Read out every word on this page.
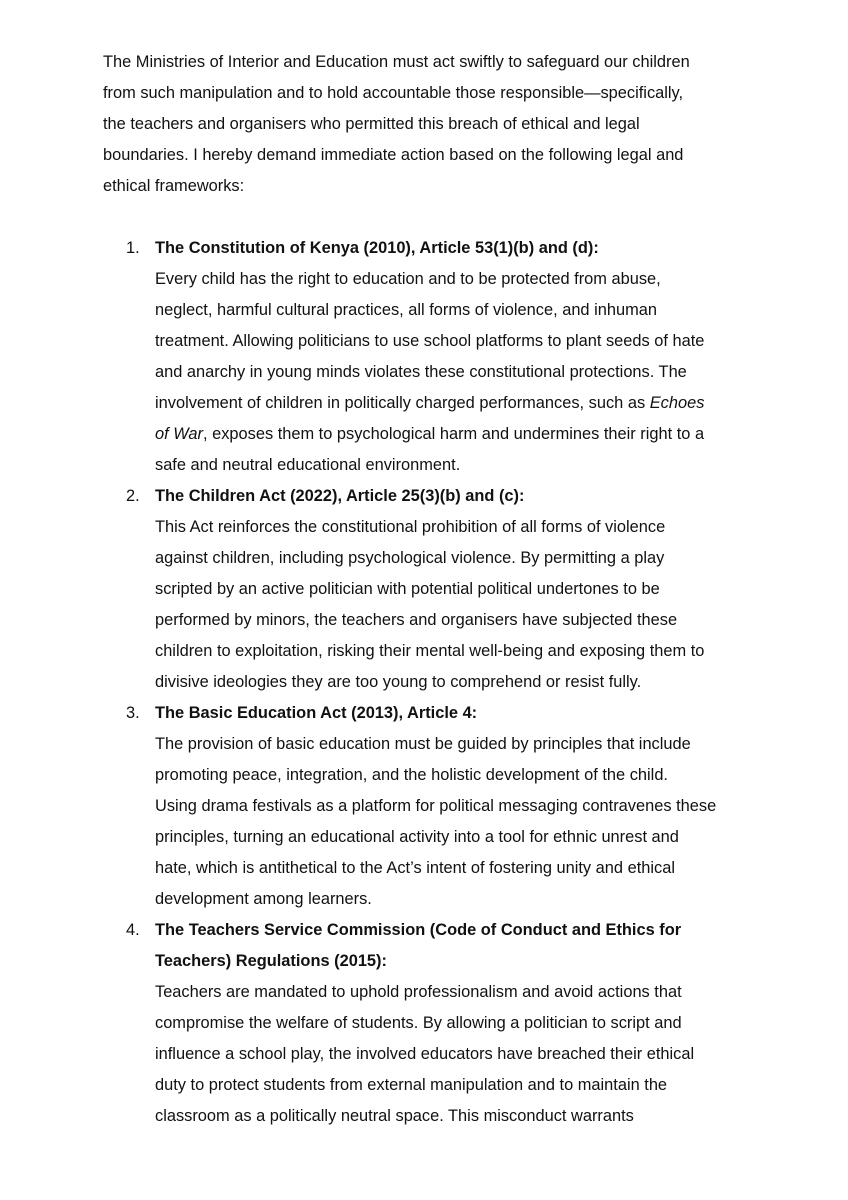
The Ministries of Interior and Education must act swiftly to safeguard our children
from such manipulation and to hold accountable those responsible—specifically,
the teachers and organisers who permitted this breach of ethical and legal
boundaries. I hereby demand immediate action based on the following legal and
ethical frameworks:

1. The Constitution of Kenya (2010), Article 53(1)(b) and (d):
Every child has the right to education and to be protected from abuse,
neglect, harmful cultural practices, all forms of violence, and inhuman
treatment. Allowing politicians to use school platforms to plant seeds of hate
and anarchy in young minds violates these constitutional protections. The
involvement of children in politically charged performances, such as Echoes
of War, exposes them to psychological harm and undermines their right to a
safe and neutral educational environment.
2. The Children Act (2022), Article 25(3)(b) and (c):
This Act reinforces the constitutional prohibition of all forms of violence
against children, including psychological violence. By permitting a play
scripted by an active politician with potential political undertones to be
performed by minors, the teachers and organisers have subjected these
children to exploitation, risking their mental well-being and exposing them to
divisive ideologies they are too young to comprehend or resist fully.
3. The Basic Education Act (2013), Article 4:
The provision of basic education must be guided by principles that include
promoting peace, integration, and the holistic development of the child.
Using drama festivals as a platform for political messaging contravenes these
principles, turning an educational activity into a tool for ethnic unrest and
hate, which is antithetical to the Act’s intent of fostering unity and ethical
development among learners.
4. The Teachers Service Commission (Code of Conduct and Ethics for
Teachers) Regulations (2015):
Teachers are mandated to uphold professionalism and avoid actions that
compromise the welfare of students. By allowing a politician to script and
influence a school play, the involved educators have breached their ethical
duty to protect students from external manipulation and to maintain the
classroom as a politically neutral space. This misconduct warrants
